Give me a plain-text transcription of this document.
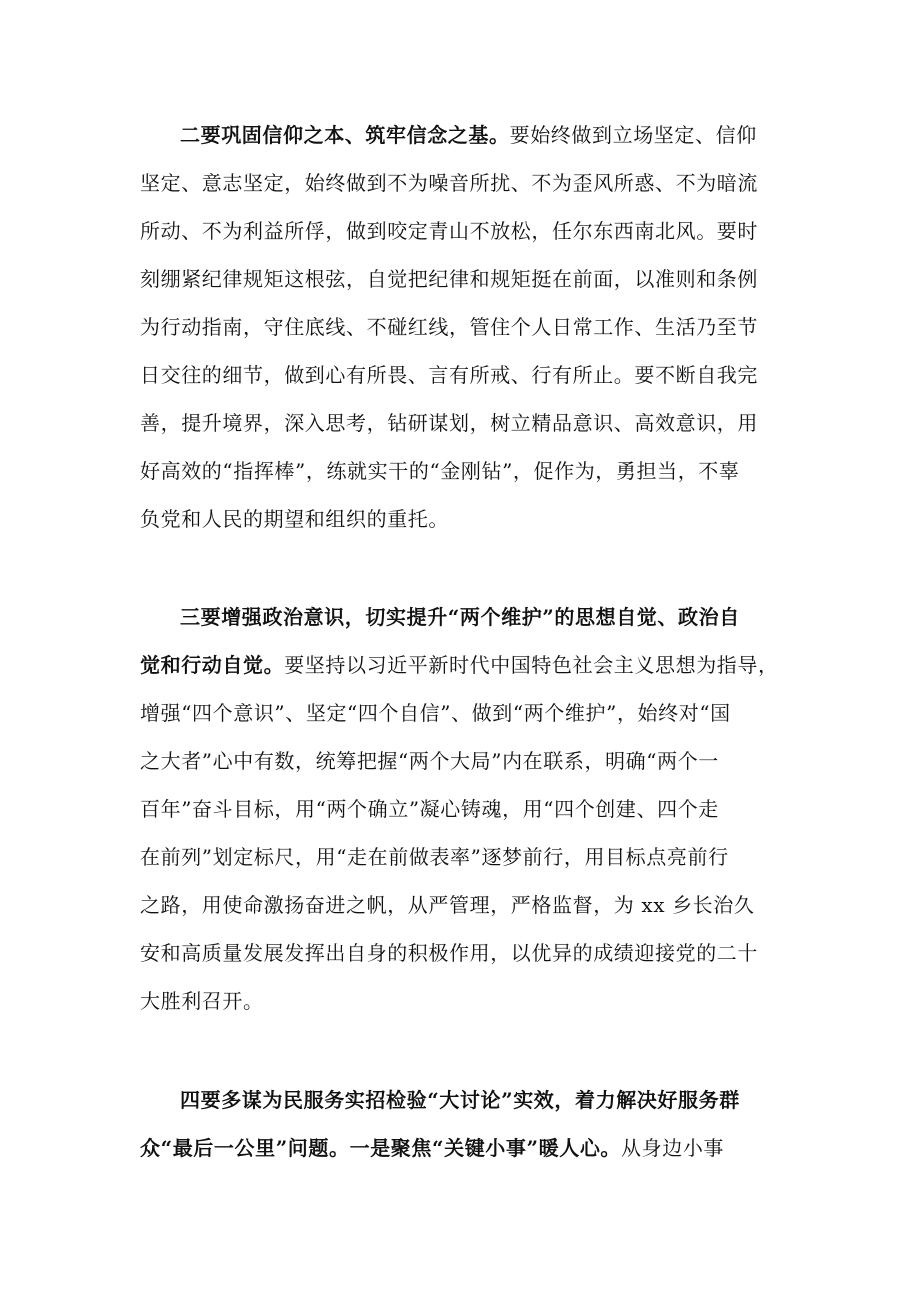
二要巩固信仰之本、筑牢信念之基。要始终做到立场坚定、信仰
坚定、意志坚定，始终做到不为噪音所扰、不为歪风所惑、不为暗流
所动、不为利益所俘，做到咬定青山不放松，任尔东西南北风。要时
刻绷紧纪律规矩这根弦，自觉把纪律和规矩挺在前面，以准则和条例
为行动指南，守住底线、不碰红线，管住个人日常工作、生活乃至节
日交往的细节，做到心有所畏、言有所戒、行有所止。要不断自我完
善，提升境界，深入思考，钻研谋划，树立精品意识、高效意识，用
好高效的“指挥棒”，练就实干的“金刚钻”，促作为，勇担当，不辜
负党和人民的期望和组织的重托。
三要增强政治意识，切实提升“两个维护”的思想自觉、政治自
觉和行动自觉。要坚持以习近平新时代中国特色社会主义思想为指导，
增强“四个意识”、坚定“四个自信”、做到“两个维护”，始终对“国
之大者”心中有数，统筹把握“两个大局”内在联系，明确“两个一
百年”奋斗目标，用“两个确立”凝心铸魂，用“四个创建、四个走
在前列”划定标尺，用“走在前做表率”逐梦前行，用目标点亮前行
之路，用使命激扬奋进之帆，从严管理，严格监督，为 xx 乡长治久
安和高质量发展发挥出自身的积极作用，以优异的成绩迎接党的二十
大胜利召开。
四要多谋为民服务实招检验“大讨论”实效，着力解决好服务群
众“最后一公里”问题。一是聚焦“关键小事”暖人心。从身边小事
